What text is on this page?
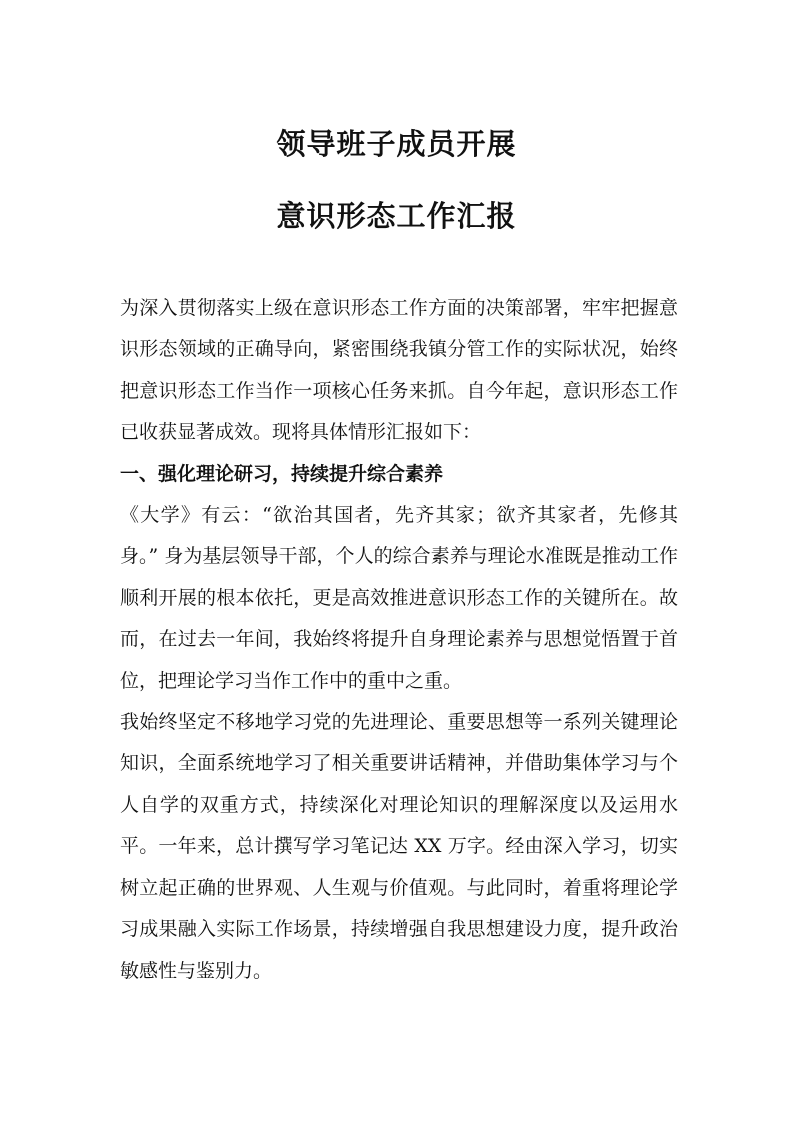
领导班子成员开展
意识形态工作汇报

为深入贯彻落实上级在意识形态工作方面的决策部署，牢牢把握意识形态领域的正确导向，紧密围绕我镇分管工作的实际状况，始终把意识形态工作当作一项核心任务来抓。自今年起，意识形态工作已收获显著成效。现将具体情形汇报如下：

一、强化理论研习，持续提升综合素养

《大学》有云：“欲治其国者，先齐其家；欲齐其家者，先修其身。” 身为基层领导干部，个人的综合素养与理论水准既是推动工作顺利开展的根本依托，更是高效推进意识形态工作的关键所在。故而，在过去一年间，我始终将提升自身理论素养与思想觉悟置于首位，把理论学习当作工作中的重中之重。

我始终坚定不移地学习党的先进理论、重要思想等一系列关键理论知识，全面系统地学习了相关重要讲话精神，并借助集体学习与个人自学的双重方式，持续深化对理论知识的理解深度以及运用水平。一年来，总计撰写学习笔记达 XX 万字。经由深入学习，切实树立起正确的世界观、人生观与价值观。与此同时，着重将理论学习成果融入实际工作场景，持续增强自我思想建设力度，提升政治敏感性与鉴别力。
